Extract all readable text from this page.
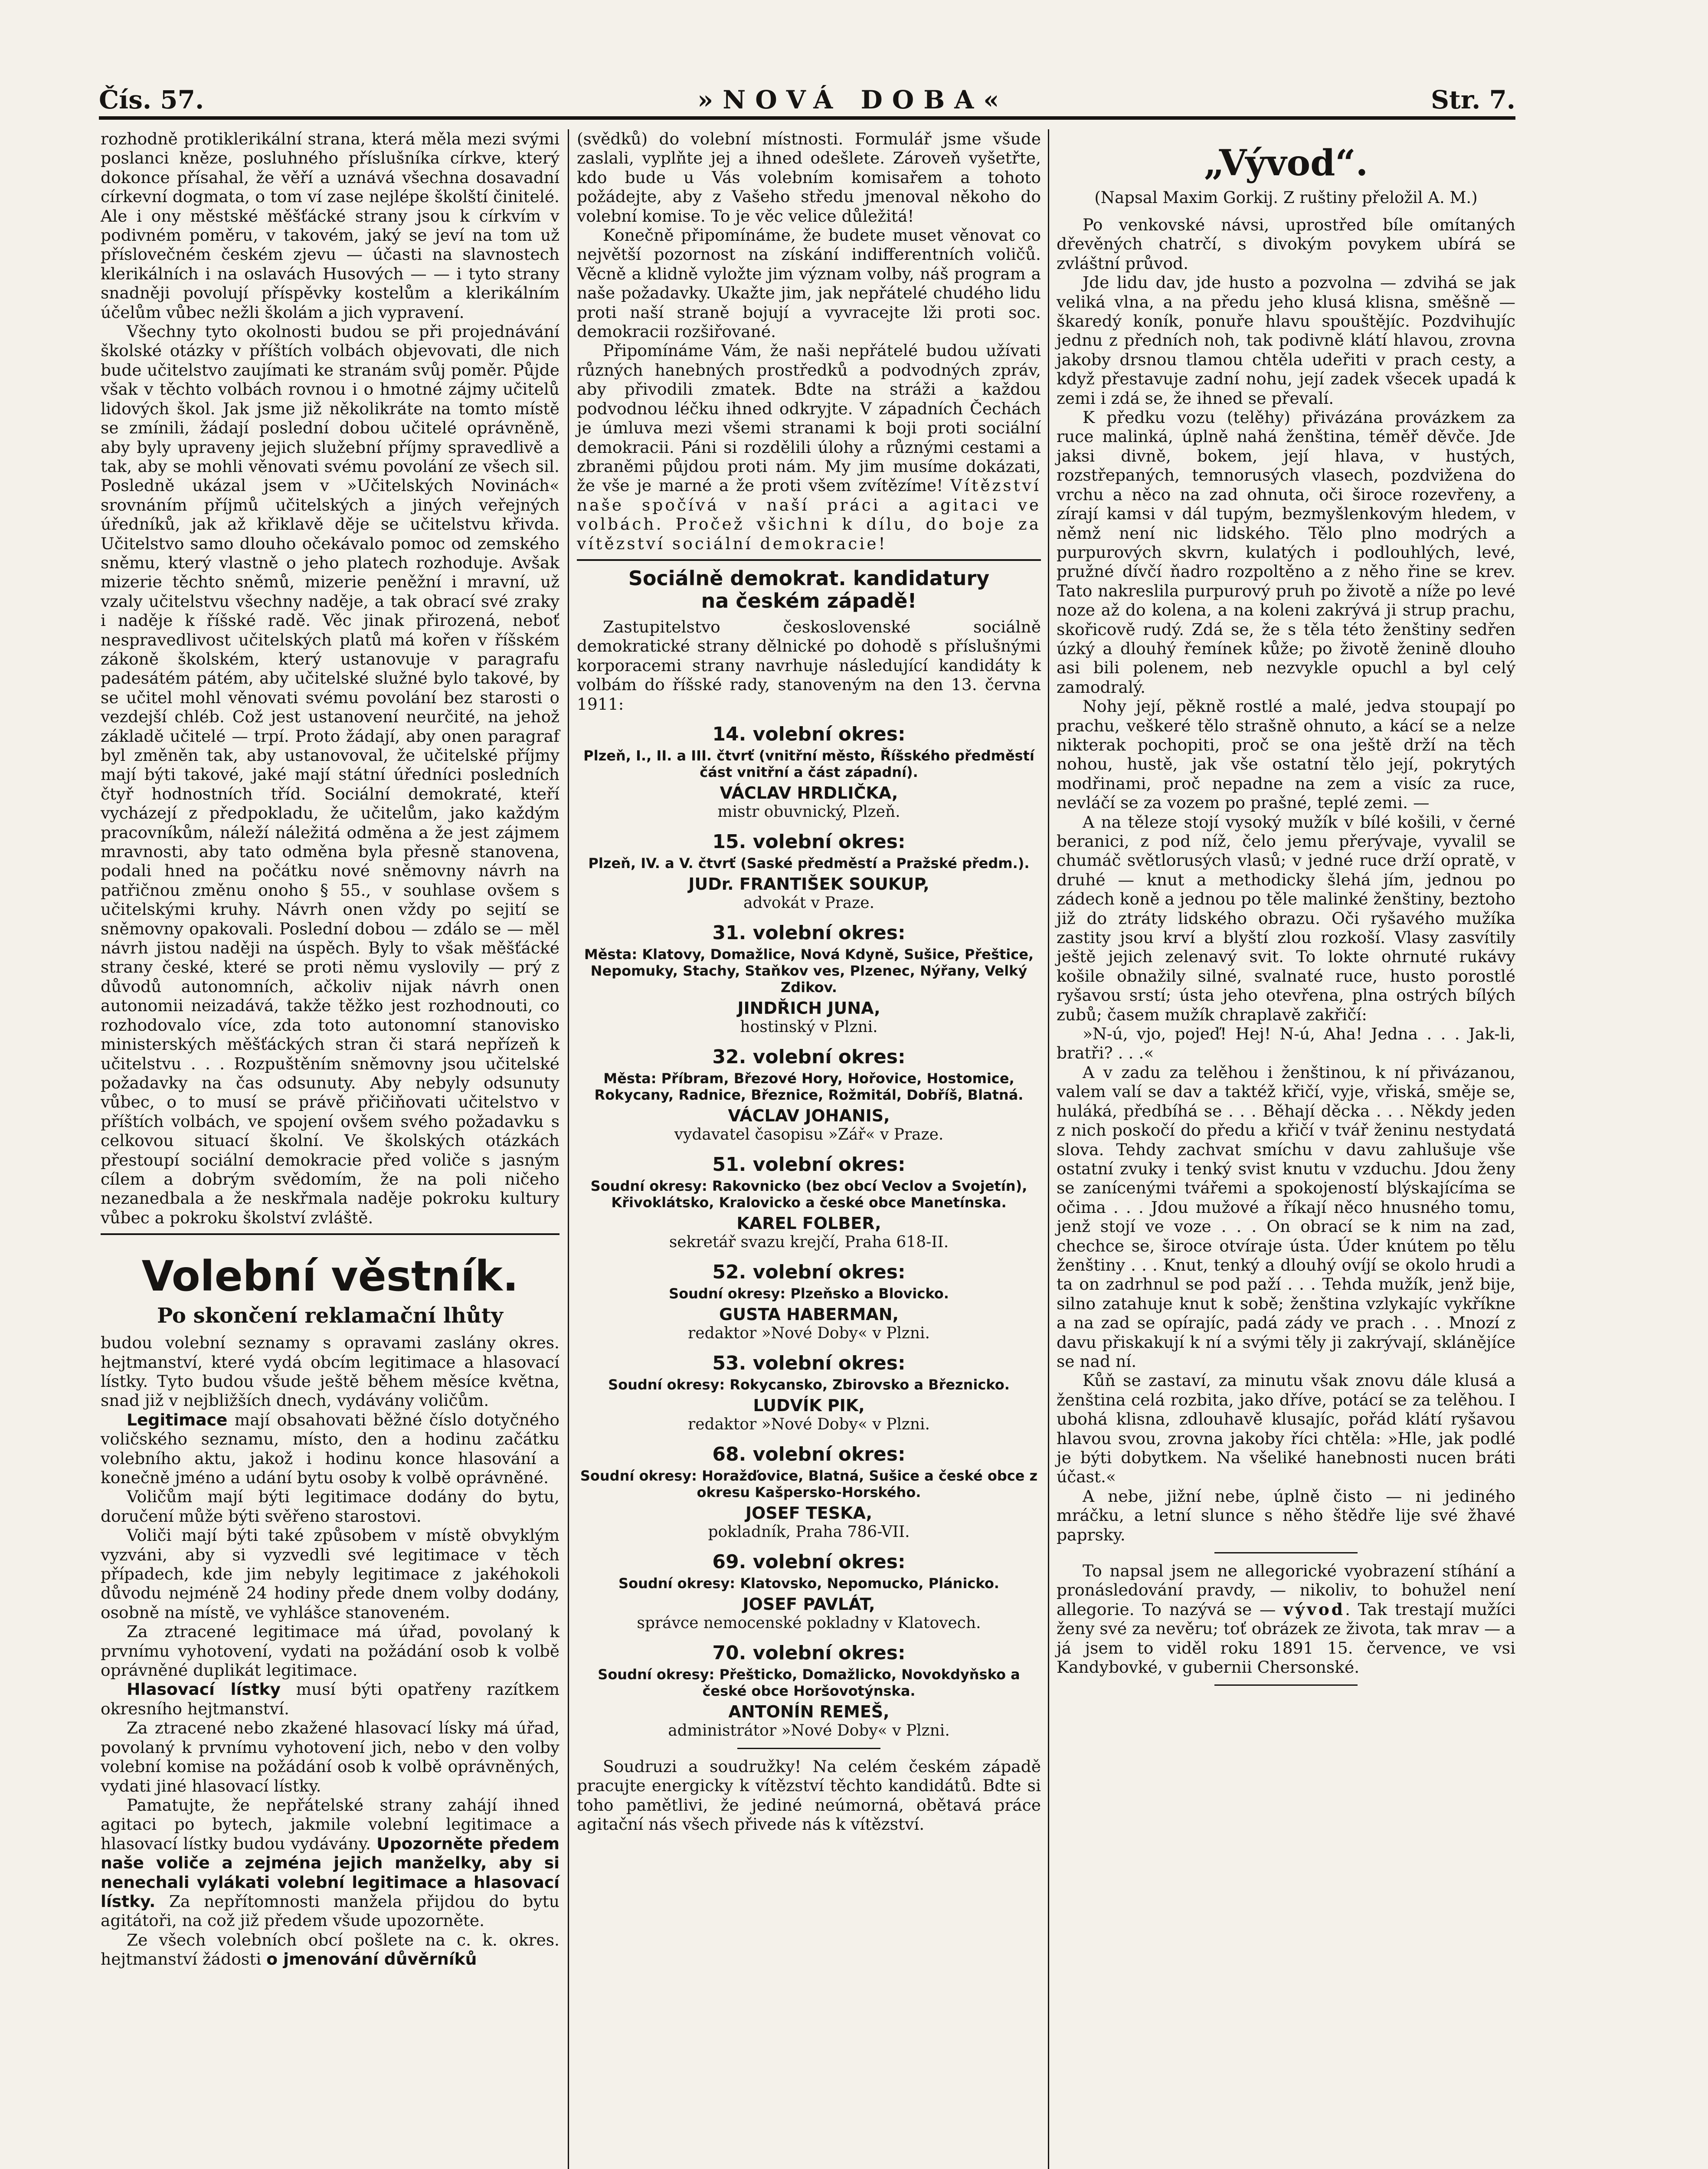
Čís. 57.	»NOVÁ DOBA«	Str. 7.

rozhodně protiklerikální strana, která měla mezi svými poslanci kněze, posluhného příslušníka církve, který dokonce přísahal, že věří a uznává všechna dosavadní církevní dogmata, o tom ví zase nejlépe školští činitelé. Ale i ony městské měšťácké strany jsou k církvím v podivném poměru, v takovém, jaký se jeví na tom už příslovečném českém zjevu — účasti na slavnostech klerikálních i na oslavách Husových — — i tyto strany snadněji povolují příspěvky kostelům a klerikálním účelům vůbec nežli školám a jich vypravení.

Všechny tyto okolnosti budou se při projednávání školské otázky v příštích volbách objevovati, dle nich bude učitelstvo zaujímati ke stranám svůj poměr. Půjde však v těchto volbách rovnou i o hmotné zájmy učitelů lidových škol. Jak jsme již několikráte na tomto místě se zmínili, žádají poslední dobou učitelé oprávněně, aby byly upraveny jejich služební příjmy spravedlivě a tak, aby se mohli věnovati svému povolání ze všech sil. Posledně ukázal jsem v »Učitelských Novinách« srovnáním příjmů učitelských a jiných veřejných úředníků, jak až křiklavě děje se učitelstvu křivda. Učitelstvo samo dlouho očekávalo pomoc od zemského sněmu, který vlastně o jeho platech rozhoduje. Avšak mizerie těchto sněmů, mizerie peněžní i mravní, už vzaly učitelstvu všechny naděje, a tak obrací své zraky i naděje k říšské radě. Věc jinak přirozená, neboť nespravedlivost učitelských platů má kořen v říšském zákoně školském, který ustanovuje v paragrafu padesátém pátém, aby učitelské služné bylo takové, by se učitel mohl věnovati svému povolání bez starosti o vezdejší chléb. Což jest ustanovení neurčité, na jehož základě učitelé — trpí. Proto žádají, aby onen paragraf byl změněn tak, aby ustanovoval, že učitelské příjmy mají býti takové, jaké mají státní úředníci posledních čtyř hodnostních tříd. Sociální demokraté, kteří vycházejí z předpokladu, že učitelům, jako každým pracovníkům, náleží náležitá odměna a že jest zájmem mravnosti, aby tato odměna byla přesně stanovena, podali hned na počátku nové sněmovny návrh na patřičnou změnu onoho § 55., v souhlase ovšem s učitelskými kruhy. Návrh onen vždy po sejití se sněmovny opakovali. Poslední dobou — zdálo se — měl návrh jistou naději na úspěch. Byly to však měšťácké strany české, které se proti němu vyslovily — prý z důvodů autonomních, ačkoliv nijak návrh onen autonomii neizadává, takže těžko jest rozhodnouti, co rozhodovalo více, zda toto autonomní stanovisko ministerských měšťáckých stran či stará nepřízeň k učitelstvu . . . Rozpuštěním sněmovny jsou učitelské požadavky na čas odsunuty. Aby nebyly odsunuty vůbec, o to musí se právě přičiňovati učitelstvo v příštích volbách, ve spojení ovšem svého požadavku s celkovou situací školní. Ve školských otázkách přestoupí sociální demokracie před voliče s jasným cílem a dobrým svědomím, že na poli ničeho nezanedbala a že neskřmala naděje pokroku kultury vůbec a pokroku školství zvláště.

Volební věstník.
Po skončení reklamační lhůty

budou volební seznamy s opravami zaslány okres. hejtmanství, které vydá obcím legitimace a hlasovací lístky. Tyto budou všude ještě během měsíce května, snad již v nejbližších dnech, vydávány voličům.

Legitimace mají obsahovati běžné číslo dotyčného voličského seznamu, místo, den a hodinu začátku volebního aktu, jakož i hodinu konce hlasování a konečně jméno a udání bytu osoby k volbě oprávněné.

Voličům mají býti legitimace dodány do bytu, doručení může býti svěřeno starostovi.

Voliči mají býti také způsobem v místě obvyklým vyzváni, aby si vyzvedli své legitimace v těch případech, kde jim nebyly legitimace z jakéhokoli důvodu nejméně 24 hodiny přede dnem volby dodány, osobně na místě, ve vyhlášce stanoveném.

Za ztracené legitimace má úřad, povolaný k prvnímu vyhotovení, vydati na požádání osob k volbě oprávněné duplikát legitimace.

Hlasovací lístky musí býti opatřeny razítkem okresního hejtmanství.

Za ztracené nebo zkažené hlasovací lísky má úřad, povolaný k prvnímu vyhotovení jich, nebo v den volby volební komise na požádání osob k volbě oprávněných, vydati jiné hlasovací lístky.

Pamatujte, že nepřátelské strany zahájí ihned agitaci po bytech, jakmile volební legitimace a hlasovací lístky budou vydávány. Upozorněte předem naše voliče a zejména jejich manželky, aby si nenechali vylákati volební legitimace a hlasovací lístky. Za nepřítomnosti manžela přijdou do bytu agitátoři, na což již předem všude upozorněte.

Ze všech volebních obcí pošlete na c. k. okres. hejtmanství žádosti o jmenování důvěrníků

(svědků) do volební místnosti. Formulář jsme všude zaslali, vyplňte jej a ihned odešlete. Zároveň vyšetřte, kdo bude u Vás volebním komisařem a tohoto požádejte, aby z Vašeho středu jmenoval někoho do volební komise. To je věc velice důležitá!

Konečně připomínáme, že budete muset věnovat co největší pozornost na získání indifferentních voličů. Věcně a klidně vyložte jim význam volby, náš program a naše požadavky. Ukažte jim, jak nepřátelé chudého lidu proti naší straně bojují a vyvracejte lži proti soc. demokracii rozšiřované.

Připomínáme Vám, že naši nepřátelé budou užívati různých hanebných prostředků a podvodných zpráv, aby přivodili zmatek. Bdte na stráži a každou podvodnou léčku ihned odkryjte. V západních Čechách je úmluva mezi všemi stranami k boji proti sociální demokracii. Páni si rozdělili úlohy a různými cestami a zbraněmi půjdou proti nám. My jim musíme dokázati, že vše je marné a že proti všem zvítězíme! Vítězství naše spočívá v naší práci a agitaci ve volbách. Pročež všichni k dílu, do boje za vítězství sociální demokracie!

Sociálně demokrat. kandidatury
na českém západě!

Zastupitelstvo československé sociálně demokratické strany dělnické po dohodě s příslušnými korporacemi strany navrhuje následující kandidáty k volbám do říšské rady, stanoveným na den 13. června 1911:

14. volební okres:
Plzeň, I., II. a III. čtvrť (vnitřní město, Říšského předměstí část vnitřní a část západní).
VÁCLAV HRDLIČKA,
mistr obuvnický, Plzeň.
15. volební okres:
Plzeň, IV. a V. čtvrť (Saské předměstí a Pražské předm.).
JUDr. FRANTIŠEK SOUKUP,
advokát v Praze.
31. volební okres:
Města: Klatovy, Domažlice, Nová Kdyně, Sušice, Přeštice, Nepomuky, Stachy, Staňkov ves, Plzenec, Nýřany, Velký Zdikov.
JINDŘICH JUNA,
hostinský v Plzni.
32. volební okres:
Města: Příbram, Březové Hory, Hořovice, Hostomice, Rokycany, Radnice, Březnice, Rožmitál, Dobříš, Blatná.
VÁCLAV JOHANIS,
vydavatel časopisu »Zář« v Praze.
51. volební okres:
Soudní okresy: Rakovnicko (bez obcí Veclov a Svojetín), Křivoklátsko, Kralovicko a české obce Manetínska.
KAREL FOLBER,
sekretář svazu krejčí, Praha 618-II.
52. volební okres:
Soudní okresy: Plzeňsko a Blovicko.
GUSTA HABERMAN,
redaktor »Nové Doby« v Plzni.
53. volební okres:
Soudní okresy: Rokycansko, Zbirovsko a Březnicko.
LUDVÍK PIK,
redaktor »Nové Doby« v Plzni.
68. volební okres:
Soudní okresy: Horažďovice, Blatná, Sušice a české obce z okresu Kašpersko-Horského.
JOSEF TESKA,
pokladník, Praha 786-VII.
69. volební okres:
Soudní okresy: Klatovsko, Nepomucko, Plánicko.
JOSEF PAVLÁT,
správce nemocenské pokladny v Klatovech.
70. volební okres:
Soudní okresy: Přešticko, Domažlicko, Novokdyňsko a české obce Horšovotýnska.
ANTONÍN REMEŠ,
administrátor »Nové Doby« v Plzni.

Soudruzi a soudružky! Na celém českém západě pracujte energicky k vítězství těchto kandidátů. Bdte si toho pamětlivi, že jediné neúmorná, obětavá práce agitační nás všech přivede nás k vítězství.

„Vývod“.
(Napsal Maxim Gorkij. Z ruštiny přeložil A. M.)

Po venkovské návsi, uprostřed bíle omítaných dřevěných chatrčí, s divokým povykem ubírá se zvláštní průvod.

Jde lidu dav, jde husto a pozvolna — zdvihá se jak veliká vlna, a na předu jeho klusá klisna, směšně — škaredý koník, ponuře hlavu spouštějíc. Pozdvihujíc jednu z předních noh, tak podivně klátí hlavou, zrovna jakoby drsnou tlamou chtěla udeřiti v prach cesty, a když přestavuje zadní nohu, její zadek všecek upadá k zemi i zdá se, že ihned se převalí.

K předku vozu (telěhy) přivázána provázkem za ruce malinká, úplně nahá ženština, téměř děvče. Jde jaksi divně, bokem, její hlava, v hustých, rozstřepaných, temnorusých vlasech, pozdvižena do vrchu a něco na zad ohnuta, oči široce rozevřeny, a zírají kamsi v dál tupým, bezmyšlenkovým hledem, v němž není nic lidského. Tělo plno modrých a purpurových skvrn, kulatých i podlouhlých, levé, pružné dívčí ňadro rozpoltěno a z něho řine se krev. Tato nakreslila purpurový pruh po životě a níže po levé noze až do kolena, a na koleni zakrývá ji strup prachu, skořicově rudý. Zdá se, že s těla této ženštiny sedřen úzký a dlouhý řemínek kůže; po životě ženině dlouho asi bili polenem, neb nezvykle opuchl a byl celý zamodralý.

Nohy její, pěkně rostlé a malé, jedva stoupají po prachu, veškeré tělo strašně ohnuto, a kácí se a nelze nikterak pochopiti, proč se ona ještě drží na těch nohou, hustě, jak vše ostatní tělo její, pokrytých modřinami, proč nepadne na zem a visíc za ruce, nevláčí se za vozem po prašné, teplé zemi. —

A na těleze stojí vysoký mužík v bílé košili, v černé beranici, z pod níž, čelo jemu přerývaje, vyvalil se chumáč světlorusých vlasů; v jedné ruce drží opratě, v druhé — knut a methodicky šlehá jím, jednou po zádech koně a jednou po těle malinké ženštiny, beztoho již do ztráty lidského obrazu. Oči ryšavého mužíka zastity jsou krví a blyští zlou rozkoší. Vlasy zasvítily ještě jejich zelenavý svit. To lokte ohrnuté rukávy košile obnažily silné, svalnaté ruce, husto porostlé ryšavou srstí; ústa jeho otevřena, plna ostrých bílých zubů; časem mužík chraplavě zakřičí:

»N-ú, vjo, pojeď! Hej! N-ú, Aha! Jedna . . . Jak-li, bratři? . . .«

A v zadu za telěhou i ženštinou, k ní přivázanou, valem valí se dav a taktéž křičí, vyje, vřiská, směje se, huláká, předbíhá se . . . Běhají děcka . . . Někdy jeden z nich poskočí do předu a křičí v tvář ženinu nestydatá slova. Tehdy zachvat smíchu v davu zahlušuje vše ostatní zvuky i tenký svist knutu v vzduchu. Jdou ženy se zanícenými tvářemi a spokojeností blýskajícíma se očima . . . Jdou mužové a říkají něco hnusného tomu, jenž stojí ve voze . . . On obrací se k nim na zad, chechce se, široce otvíraje ústa. Úder knútem po tělu ženštiny . . . Knut, tenký a dlouhý ovíjí se okolo hrudi a ta on zadrhnul se pod paží . . . Tehda mužík, jenž bije, silno zatahuje knut k sobě; ženština vzlykajíc vykříkne a na zad se opírajíc, padá zády ve prach . . . Mnozí z davu přiskakují k ní a svými těly ji zakrývají, sklánějíce se nad ní.

Kůň se zastaví, za minutu však znovu dále klusá a ženština celá rozbita, jako dříve, potácí se za telěhou. I ubohá klisna, zdlouhavě klusajíc, pořád klátí ryšavou hlavou svou, zrovna jakoby říci chtěla: »Hle, jak podlé je býti dobytkem. Na všeliké hanebnosti nucen bráti účast.«

A nebe, jižní nebe, úplně čisto — ni jediného mráčku, a letní slunce s něho štědře lije své žhavé paprsky.

To napsal jsem ne allegorické vyobrazení stíhání a pronásledování pravdy, — nikoliv, to bohužel není allegorie. To nazývá se — vývod. Tak trestají mužíci ženy své za nevěru; toť obrázek ze života, tak mrav — a já jsem to viděl roku 1891 15. července, ve vsi Kandybovké, v gubernii Chersonské.
